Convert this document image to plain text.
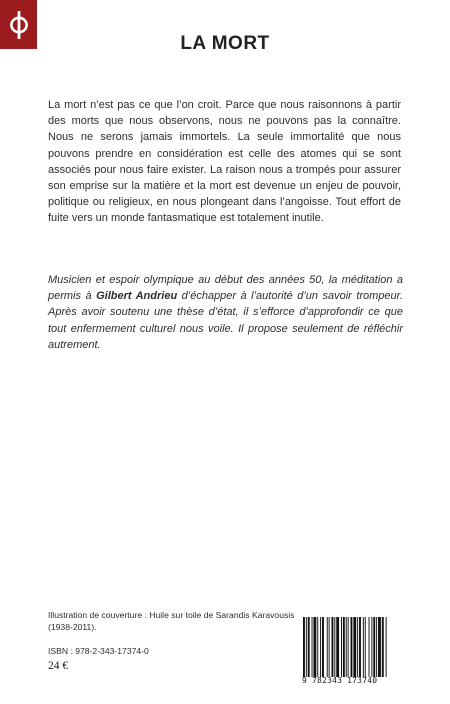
LA MORT

La mort n’est pas ce que l’on croit. Parce que nous raisonnons à partir des morts que nous observons, nous ne pouvons pas la connaître. Nous ne serons jamais immortels. La seule immortalité que nous pouvons prendre en considération est celle des atomes qui se sont associés pour nous faire exister. La raison nous a trompés pour assurer son emprise sur la matière et la mort est devenue un enjeu de pouvoir, politique ou religieux, en nous plongeant dans l’angoisse. Tout effort de fuite vers un monde fantasmatique est totalement inutile.

Musicien et espoir olympique au début des années 50, la méditation a permis à Gilbert Andrieu d’échapper à l’autorité d’un savoir trompeur. Après avoir soutenu une thèse d’état, il s’efforce d’approfondir ce que tout enfermement culturel nous voile. Il propose seulement de réfléchir autrement.

Illustration de couverture : Huile sur toile de Sarandis Karavousis (1938-2011).

ISBN : 978-2-343-17374-0

24 €

9 782343 173740
